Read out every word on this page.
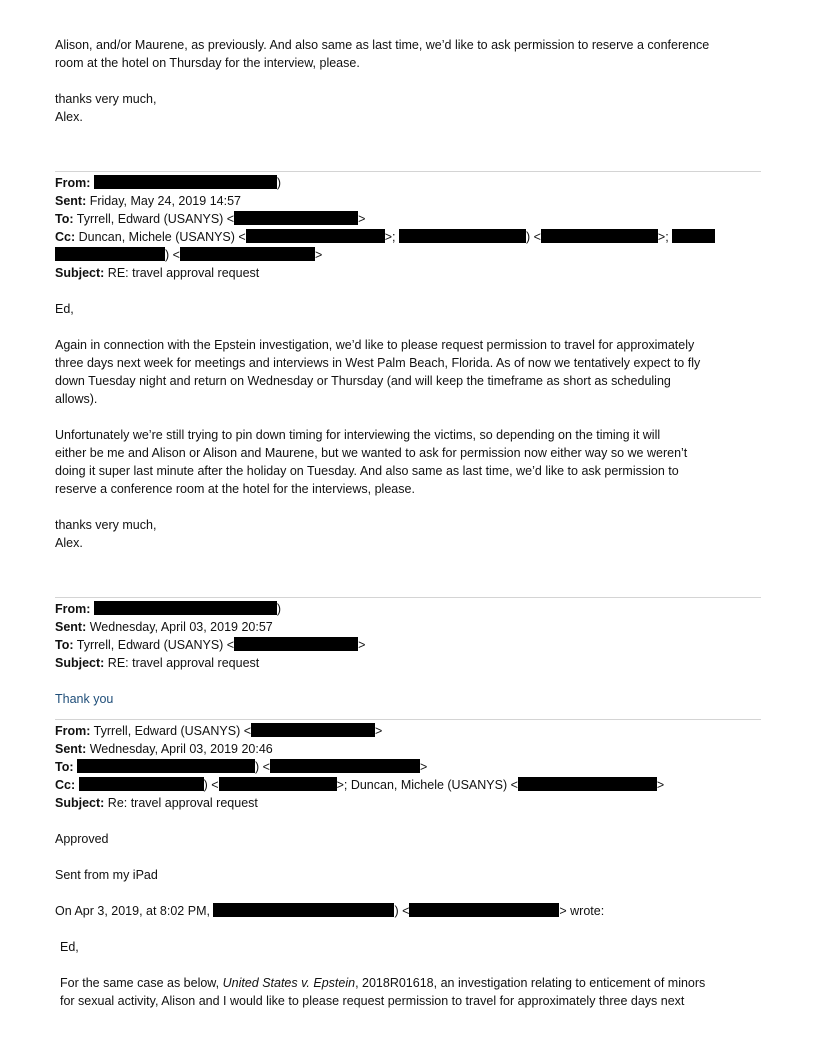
Alison, and/or Maurene, as previously. And also same as last time, we’d like to ask permission to reserve a conference
room at the hotel on Thursday for the interview, please.
thanks very much,
Alex.
From:	)
Sent: Friday, May 24, 2019 14:57
To: Tyrrell, Edward (USANYS) <	>
Cc: Duncan, Michele (USANYS) <	>;	) <	>;
) <	>
Subject: RE: travel approval request
Ed,
Again in connection with the Epstein investigation, we’d like to please request permission to travel for approximately
three days next week for meetings and interviews in West Palm Beach, Florida. As of now we tentatively expect to fly
down Tuesday night and return on Wednesday or Thursday (and will keep the timeframe as short as scheduling
allows).
Unfortunately we’re still trying to pin down timing for interviewing the victims, so depending on the timing it will
either be me and Alison or Alison and Maurene, but we wanted to ask for permission now either way so we weren’t
doing it super last minute after the holiday on Tuesday. And also same as last time, we’d like to ask permission to
reserve a conference room at the hotel for the interviews, please.
thanks very much,
Alex.
From:	)
Sent: Wednesday, April 03, 2019 20:57
To: Tyrrell, Edward (USANYS) <	>
Subject: RE: travel approval request
Thank you
From: Tyrrell, Edward (USANYS) <	>
Sent: Wednesday, April 03, 2019 20:46
To:	) <	>
Cc:	) <	>; Duncan, Michele (USANYS) <	>
Subject: Re: travel approval request
Approved
Sent from my iPad
On Apr 3, 2019, at 8:02 PM,	) <	> wrote:
Ed,
For the same case as below, United States v. Epstein, 2018R01618, an investigation relating to enticement of minors
for sexual activity, Alison and I would like to please request permission to travel for approximately three days next
